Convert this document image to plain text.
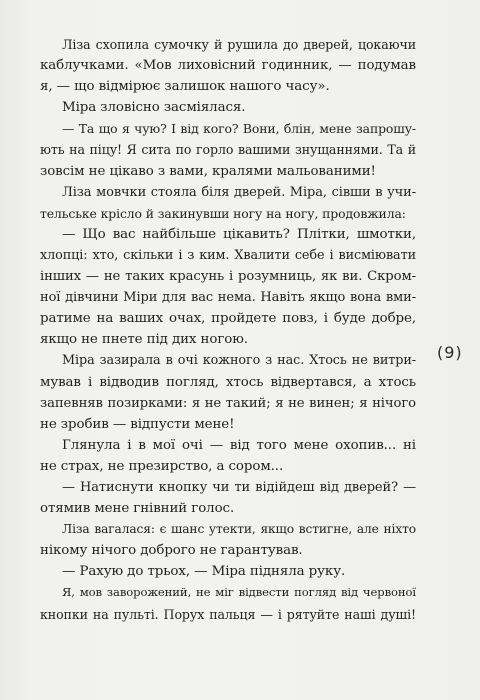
Ліза схопила сумочку й рушила до дверей, цокаючи
каблучками. «Мов лиховісний годинник, — подумав
я, — що відмірює залишок нашого часу».
Міра зловісно засміялася.
— Та що я чую? І від кого? Вони, блін, мене запрошу-
ють на піцу! Я сита по горло вашими знущаннями. Та й
зовсім не цікаво з вами, кралями мальованими!
Ліза мовчки стояла біля дверей. Міра, сівши в учи-
тельське крісло й закинувши ногу на ногу, продовжила:
— Що вас найбільше цікавить? Плітки, шмотки,
хлопці: хто, скільки і з ким. Хвалити себе і висміювати
інших — не таких красунь і розумниць, як ви. Скром-
ної дівчини Міри для вас нема. Навіть якщо вона вми-
ратиме на ваших очах, пройдете повз, і буде добре,
якщо не пнете під дих ногою.
Міра зазирала в очі кожного з нас. Хтось не витри-
мував і відводив погляд, хтось відвертався, а хтось
запевняв позирками: я не такий; я не винен; я нічого
не зробив — відпусти мене!
Глянула і в мої очі — від того мене охопив... ні
не страх, не презирство, а сором...
— Натиснути кнопку чи ти відійдеш від дверей? —
отямив мене гнівний голос.
Ліза вагалася: є шанс утекти, якщо встигне, але ніхто
нікому нічого доброго не гарантував.
— Рахую до трьох, — Міра підняла руку.
Я, мов заворожений, не міг відвести погляд від червоної
кнопки на пульті. Порух пальця — і рятуйте наші душі!
(9)
